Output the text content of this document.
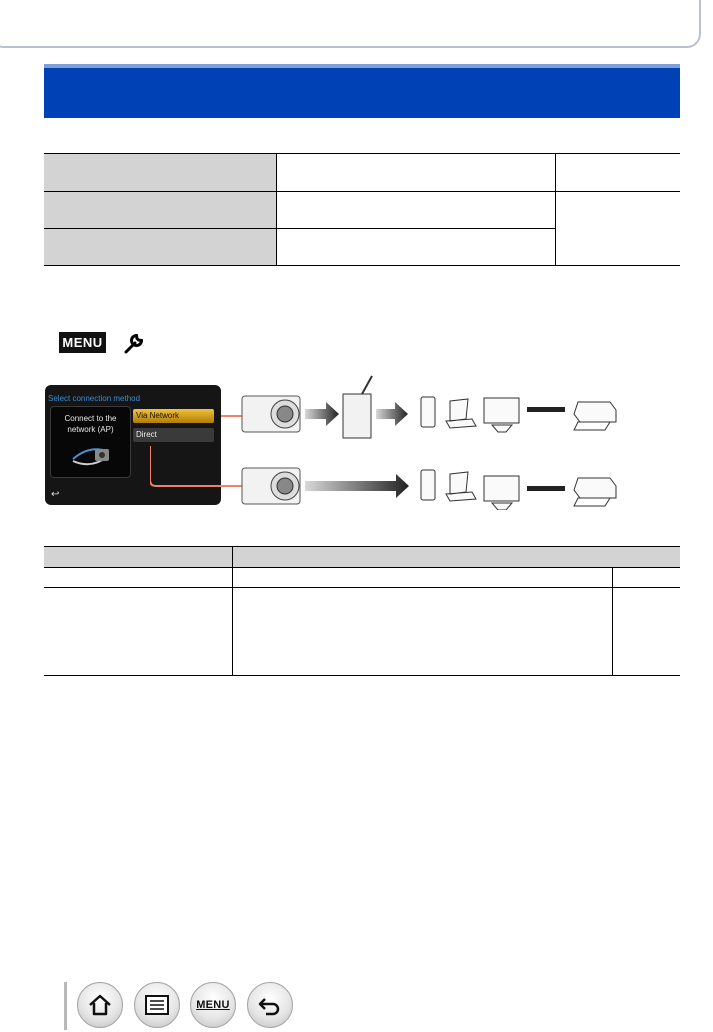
MENU
Select connection method
Connect to the
network (AP)
Via Network
Direct
↩
MENU
